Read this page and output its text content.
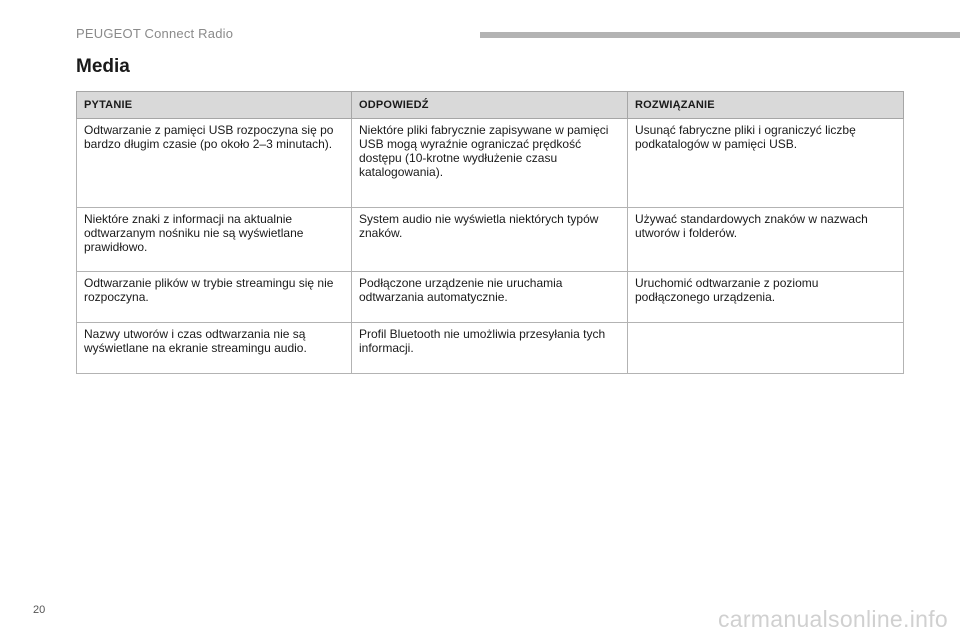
PEUGEOT Connect Radio
Media
PYTANIE	ODPOWIEDŹ	ROZWIĄZANIE
Odtwarzanie z pamięci USB rozpoczyna się po bardzo długim czasie (po około 2–3 minutach).	Niektóre pliki fabrycznie zapisywane w pamięci USB mogą wyraźnie ograniczać prędkość dostępu (10-krotne wydłużenie czasu katalogowania).	Usunąć fabryczne pliki i ograniczyć liczbę podkatalogów w pamięci USB.
Niektóre znaki z informacji na aktualnie odtwarzanym nośniku nie są wyświetlane prawidłowo.	System audio nie wyświetla niektórych typów znaków.	Używać standardowych znaków w nazwach utworów i folderów.
Odtwarzanie plików w trybie streamingu się nie rozpoczyna.	Podłączone urządzenie nie uruchamia odtwarzania automatycznie.	Uruchomić odtwarzanie z poziomu podłączonego urządzenia.
Nazwy utworów i czas odtwarzania nie są wyświetlane na ekranie streamingu audio.	Profil Bluetooth nie umożliwia przesyłania tych informacji.	
20	carmanualsonline.info
